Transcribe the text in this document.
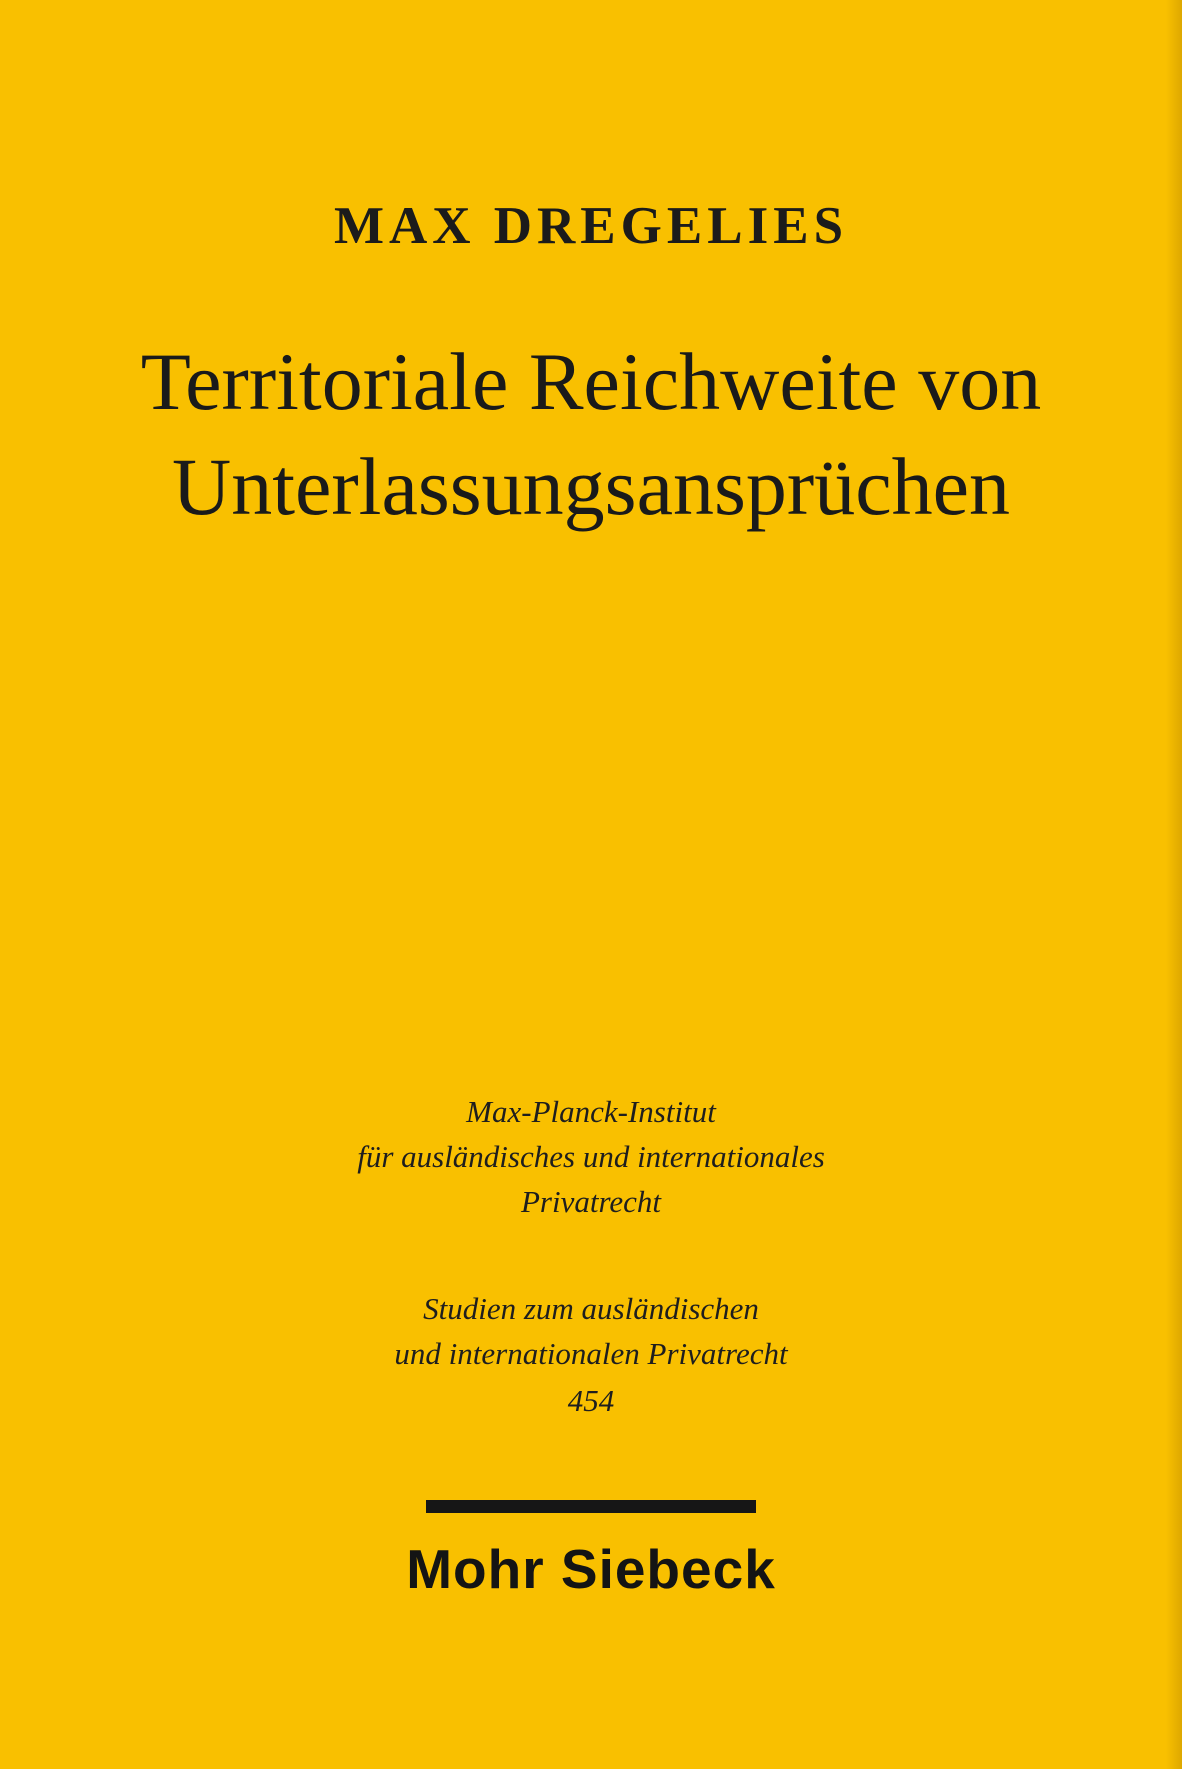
MAX DREGELIES
Territoriale Reichweite von
Unterlassungsansprüchen
Max-Planck-Institut
für ausländisches und internationales
Privatrecht
Studien zum ausländischen
und internationalen Privatrecht
454
Mohr Siebeck
